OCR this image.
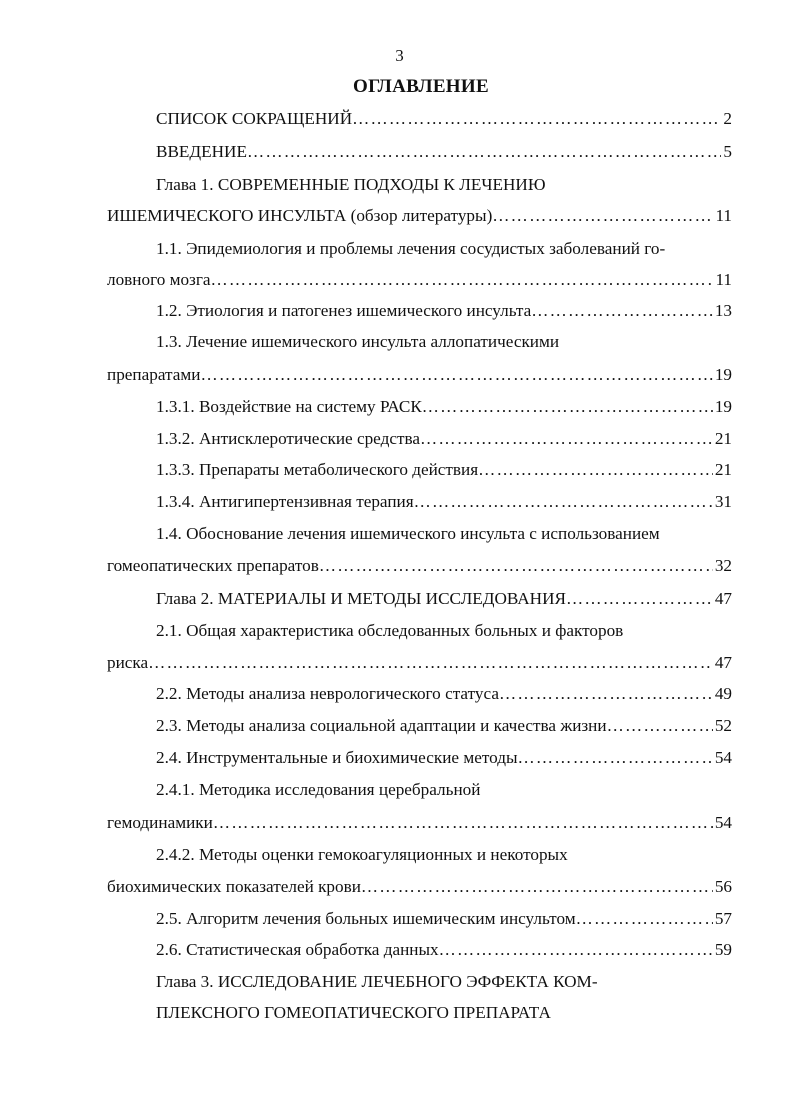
3
ОГЛАВЛЕНИЕ
СПИСОК СОКРАЩЕНИЙ ……………………………………………………………………………………………………………………………………………………………………	2
ВВЕДЕНИЕ ……………………………………………………………………………………………………………………………………………………………………	5
Глава 1. СОВРЕМЕННЫЕ ПОДХОДЫ К ЛЕЧЕНИЮ
ИШЕМИЧЕСКОГО ИНСУЛЬТА (обзор литературы) ……………………………………………………………………………………………………………………………………………………………………	11
1.1. Эпидемиология и проблемы лечения сосудистых заболеваний го-
ловного мозга ……………………………………………………………………………………………………………………………………………………………………	11
1.2. Этиология и патогенез ишемического инсульта ……………………………………………………………………………………………………………………………………………………………………	13
1.3. Лечение ишемического инсульта аллопатическими
препаратами ……………………………………………………………………………………………………………………………………………………………………	19
1.3.1. Воздействие на систему РАСК ……………………………………………………………………………………………………………………………………………………………………	19
1.3.2. Антисклеротические средства ……………………………………………………………………………………………………………………………………………………………………	21
1.3.3. Препараты метаболического действия ……………………………………………………………………………………………………………………………………………………………………	21
1.3.4. Антигипертензивная терапия ……………………………………………………………………………………………………………………………………………………………………	31
1.4. Обоснование лечения ишемического инсульта с использованием
гомеопатических препаратов ……………………………………………………………………………………………………………………………………………………………………	32
Глава 2. МАТЕРИАЛЫ И МЕТОДЫ ИССЛЕДОВАНИЯ ……………………………………………………………………………………………………………………………………………………………………	47
2.1. Общая характеристика обследованных больных и факторов
риска ……………………………………………………………………………………………………………………………………………………………………	47
2.2. Методы анализа неврологического статуса ……………………………………………………………………………………………………………………………………………………………………	49
2.3. Методы анализа социальной адаптации и качества жизни ……………………………………………………………………………………………………………………………………………………………………	52
2.4. Инструментальные и биохимические методы ……………………………………………………………………………………………………………………………………………………………………	54
2.4.1. Методика исследования церебральной
гемодинамики ……………………………………………………………………………………………………………………………………………………………………	54
2.4.2. Методы оценки гемокоагуляционных и некоторых
биохимических показателей крови ……………………………………………………………………………………………………………………………………………………………………	56
2.5. Алгоритм лечения больных ишемическим инсультом ……………………………………………………………………………………………………………………………………………………………………	57
2.6. Статистическая обработка данных ……………………………………………………………………………………………………………………………………………………………………	59
Глава 3. ИССЛЕДОВАНИЕ ЛЕЧЕБНОГО ЭФФЕКТА КОМ-
ПЛЕКСНОГО ГОМЕОПАТИЧЕСКОГО ПРЕПАРАТА
